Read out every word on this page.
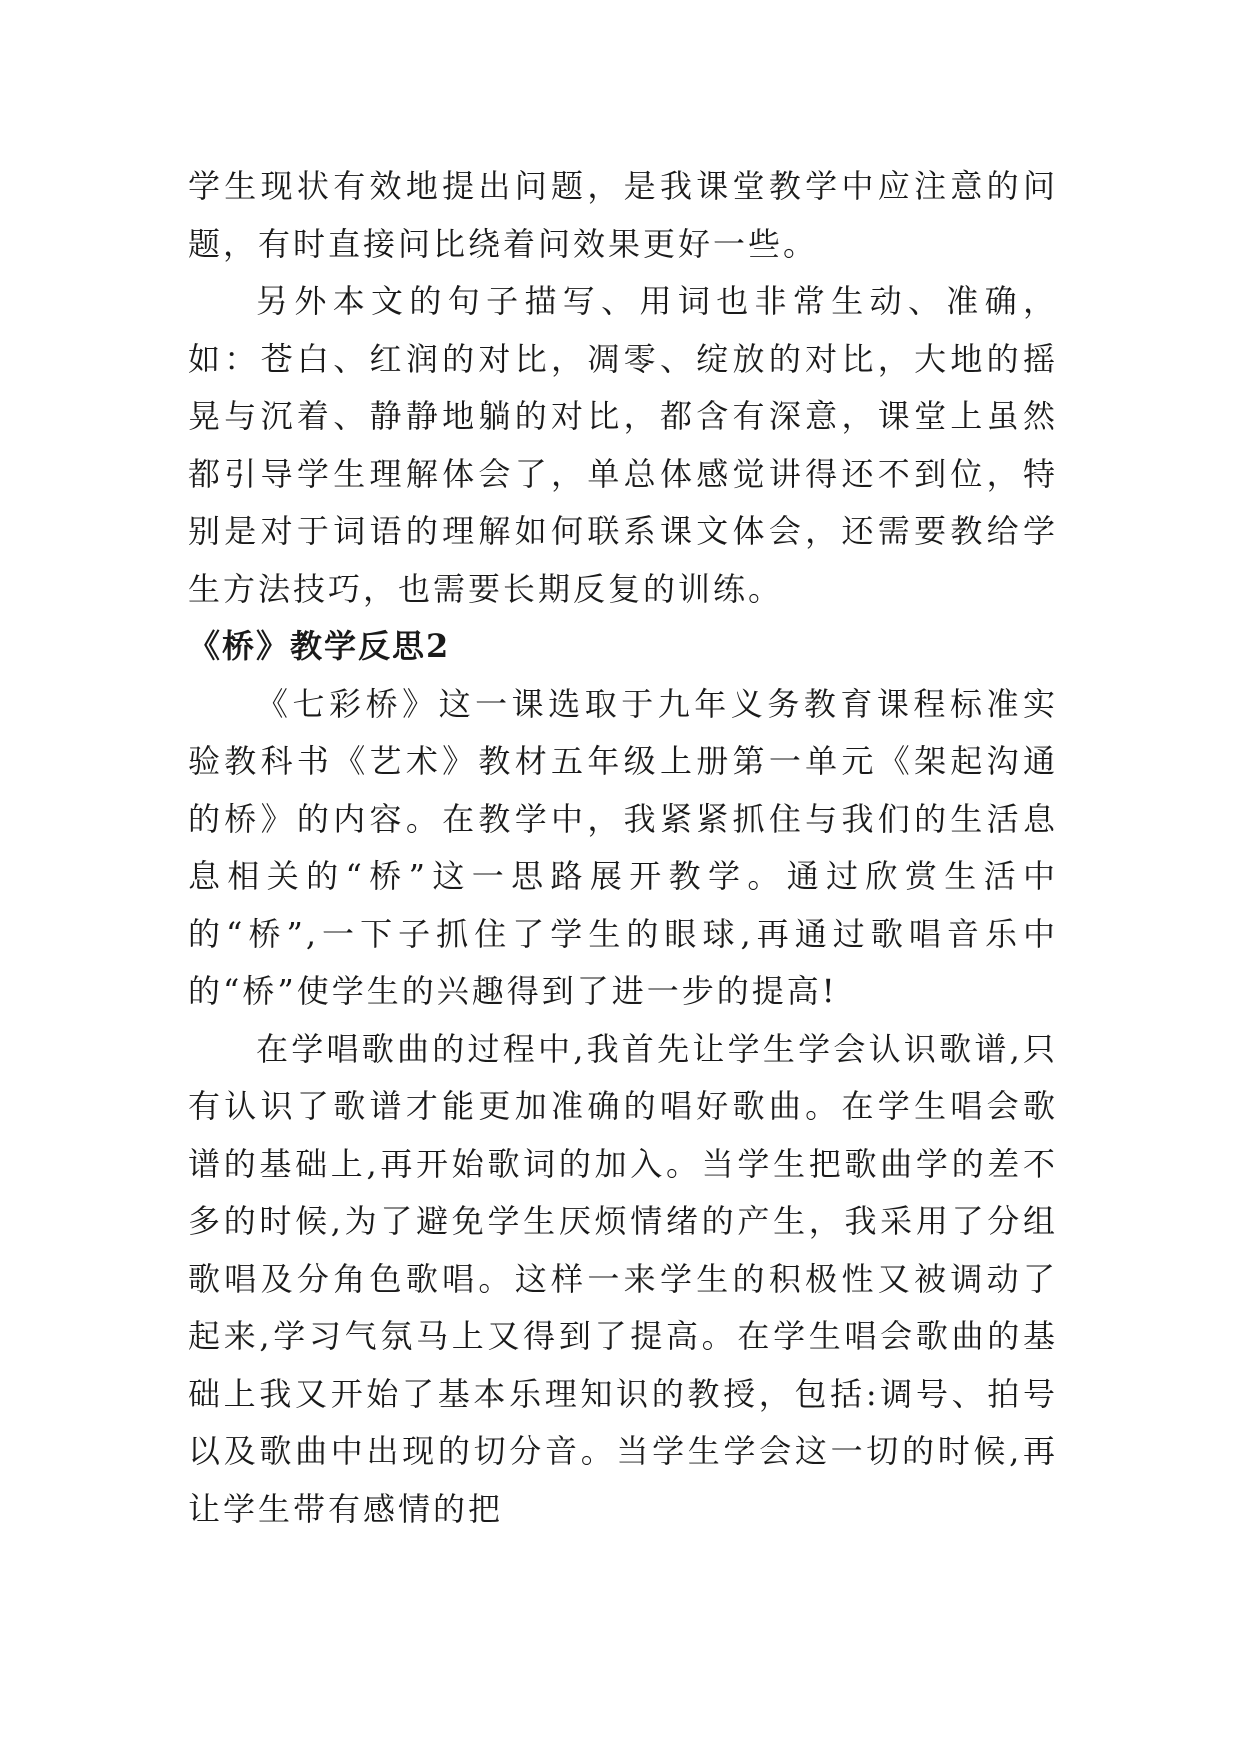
学生现状有效地提出问题，是我课堂教学中应注意的问题，有时直接问比绕着问效果更好一些。

另外本文的句子描写、用词也非常生动、准确，如：苍白、红润的对比，凋零、绽放的对比，大地的摇晃与沉着、静静地躺的对比，都含有深意，课堂上虽然都引导学生理解体会了，单总体感觉讲得还不到位，特别是对于词语的理解如何联系课文体会，还需要教给学生方法技巧，也需要长期反复的训练。

《桥》教学反思2

《七彩桥》这一课选取于九年义务教育课程标准实验教科书《艺术》教材五年级上册第一单元《架起沟通的桥》的内容。在教学中，我紧紧抓住与我们的生活息息相关的“桥”这一思路展开教学。通过欣赏生活中的“桥”,一下子抓住了学生的眼球,再通过歌唱音乐中的“桥”使学生的兴趣得到了进一步的提高!

在学唱歌曲的过程中,我首先让学生学会认识歌谱,只有认识了歌谱才能更加准确的唱好歌曲。在学生唱会歌谱的基础上,再开始歌词的加入。当学生把歌曲学的差不多的时候,为了避免学生厌烦情绪的产生，我采用了分组歌唱及分角色歌唱。这样一来学生的积极性又被调动了起来,学习气氛马上又得到了提高。在学生唱会歌曲的基础上我又开始了基本乐理知识的教授，包括:调号、拍号以及歌曲中出现的切分音。当学生学会这一切的时候,再让学生带有感情的把
